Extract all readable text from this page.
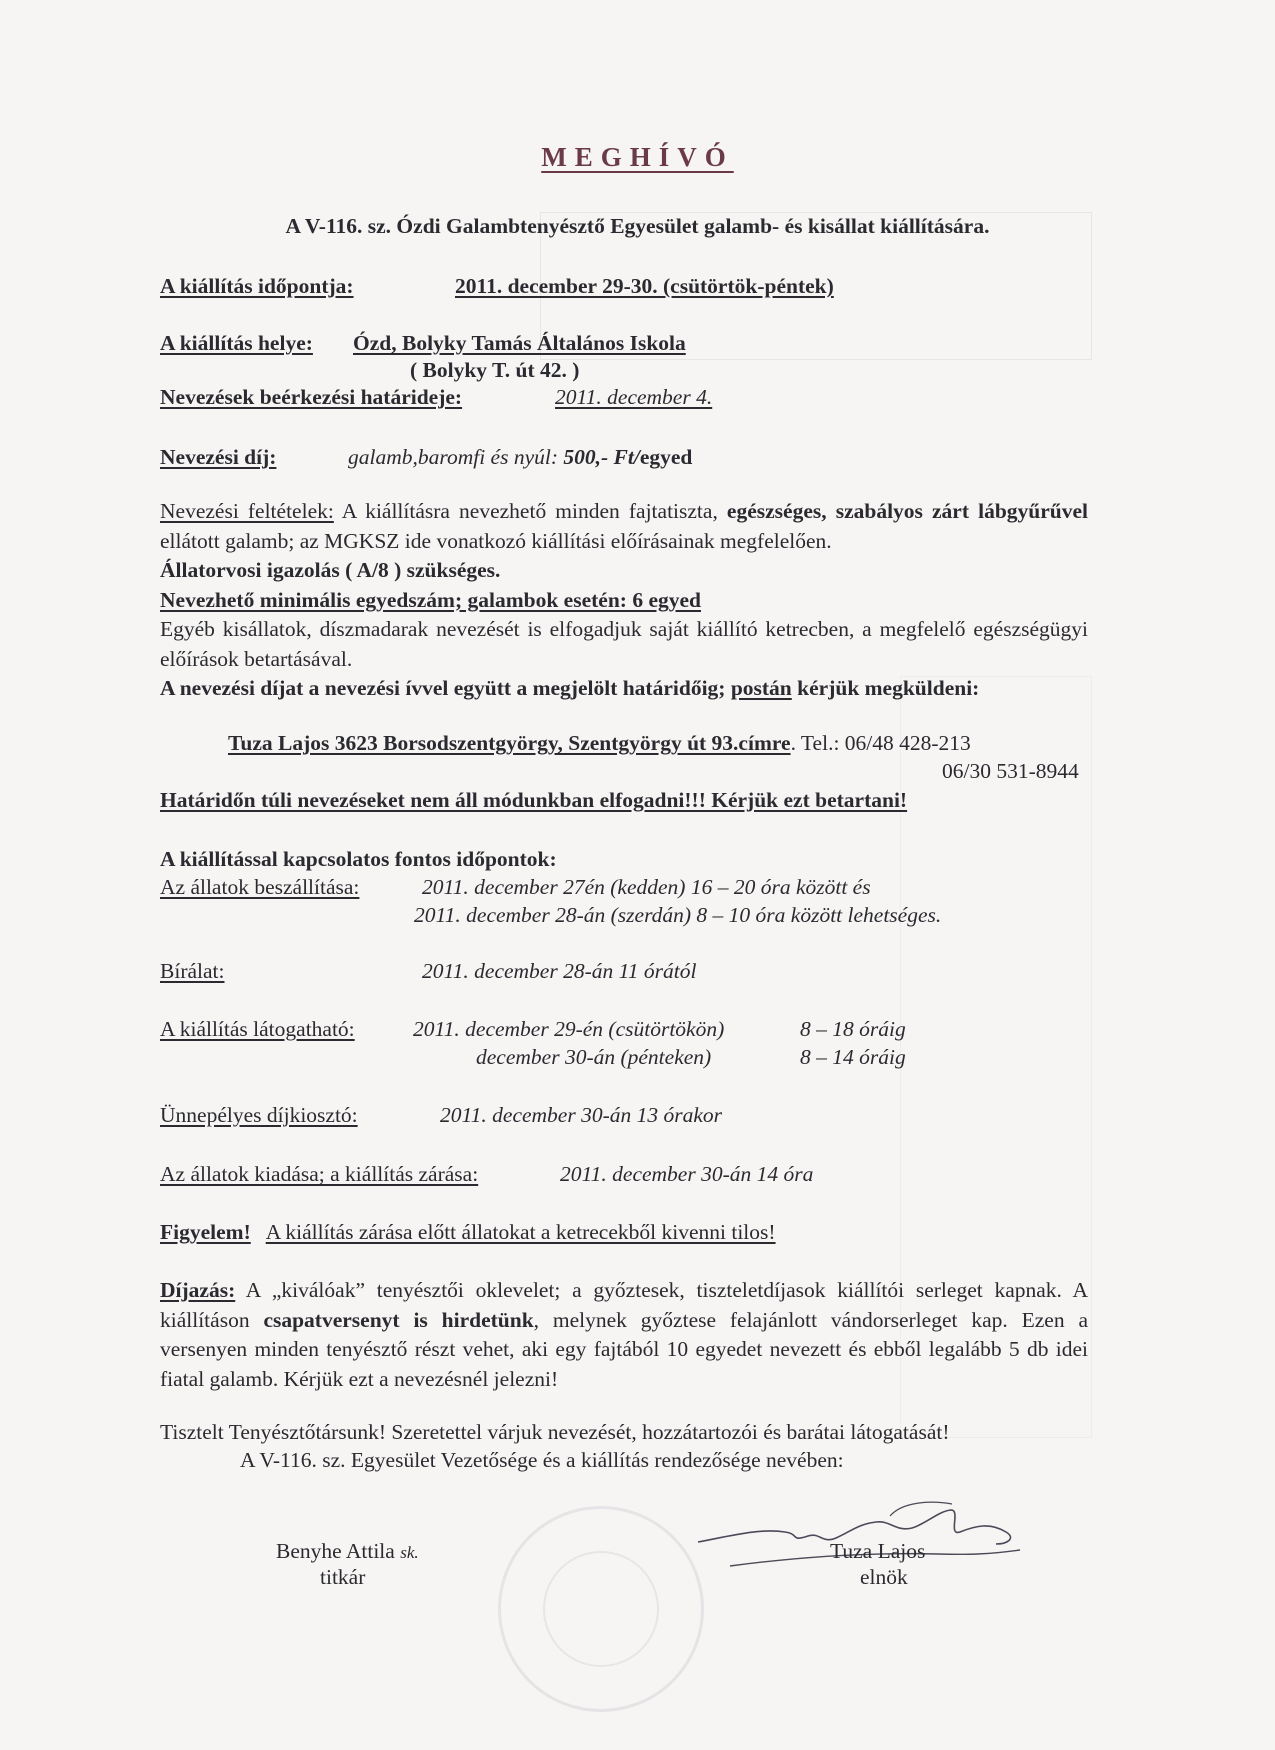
MEGHÍVÓ
A V-116. sz. Ózdi Galambtenyésztő Egyesület galamb- és kisállat kiállítására.
A kiállítás időpontja:	2011. december 29-30. (csütörtök-péntek)
A kiállítás helye: Ózd, Bolyky Tamás Általános Iskola
( Bolyky T. út 42. )
Nevezések beérkezési határideje:	2011. december 4.
Nevezési díj:	galamb,baromfi és nyúl: 500,- Ft/egyed
Nevezési feltételek: A kiállításra nevezhető minden fajtatiszta, egészséges, szabályos zárt lábgyűrűvel ellátott galamb; az MGKSZ ide vonatkozó kiállítási előírásainak megfelelően.
Állatorvosi igazolás ( A/8 ) szükséges.
Nevezhető minimális egyedszám; galambok esetén: 6 egyed
Egyéb kisállatok, díszmadarak nevezését is elfogadjuk saját kiállító ketrecben, a megfelelő egészségügyi előírások betartásával.
A nevezési díjat a nevezési ívvel együtt a megjelölt határidőig; postán kérjük megküldeni:
Tuza Lajos 3623 Borsodszentgyörgy, Szentgyörgy út 93.címre. Tel.: 06/48 428-213
06/30 531-8944
Határidőn túli nevezéseket nem áll módunkban elfogadni!!! Kérjük ezt betartani!
A kiállítással kapcsolatos fontos időpontok:
Az állatok beszállítása:	2011. december 27én (kedden) 16 – 20 óra között és
2011. december 28-án (szerdán) 8 – 10 óra között lehetséges.
Bírálat:	2011. december 28-án 11 órától
A kiállítás látogatható:	2011. december 29-én (csütörtökön)	8 – 18 óráig
december 30-án (pénteken)	8 – 14 óráig
Ünnepélyes díjkiosztó:	2011. december 30-án 13 órakor
Az állatok kiadása; a kiállítás zárása:	2011. december 30-án 14 óra
Figyelem! A kiállítás zárása előtt állatokat a ketrecekből kivenni tilos!
Díjazás: A „kiválóak” tenyésztői oklevelet; a győztesek, tiszteletdíjasok kiállítói serleget kapnak. A kiállításon csapatversenyt is hirdetünk, melynek győztese felajánlott vándorserleget kap. Ezen a versenyen minden tenyésztő részt vehet, aki egy fajtából 10 egyedet nevezett és ebből legalább 5 db idei fiatal galamb. Kérjük ezt a nevezésnél jelezni!
Tisztelt Tenyésztőtársunk! Szeretettel várjuk nevezését, hozzátartozói és barátai látogatását!
A V-116. sz. Egyesület Vezetősége és a kiállítás rendezősége nevében:
Benyhe Attila sk.
titkár
Tuza Lajos
elnök
